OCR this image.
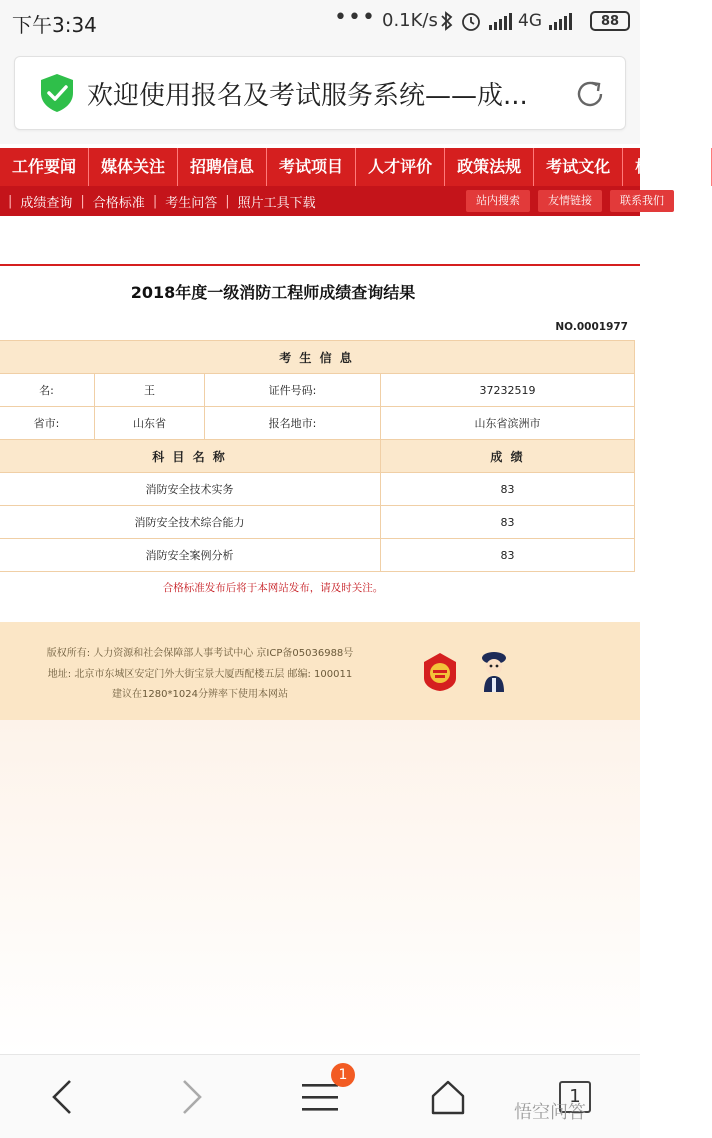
下午3:34	••• 0.1K/s	4G	88
欢迎使用报名及考试服务系统——成...
工作要闻	媒体关注	招聘信息	考试项目	人才评价	政策法规	考试文化	机构介绍
| 成绩查询 | 合格标准 | 考生问答 | 照片工具下载	站内搜索	友情链接	联系我们
2018年度一级消防工程师成绩查询结果
NO.0001977
考 生 信 息			
名:	王	证件号码:	37232519
省市:	山东省	报名地市:	山东省滨洲市
科 目 名 称			成 绩
消防安全技术实务			83
消防安全技术综合能力			83
消防安全案例分析			83
合格标准发布后将于本网站发布，请及时关注。
版权所有: 人力资源和社会保障部人事考试中心 京ICP备05036988号
地址: 北京市东城区安定门外大街宝景大厦西配楼五层 邮编: 100011
建议在1280*1024分辨率下使用本网站
1
1
悟空问答
